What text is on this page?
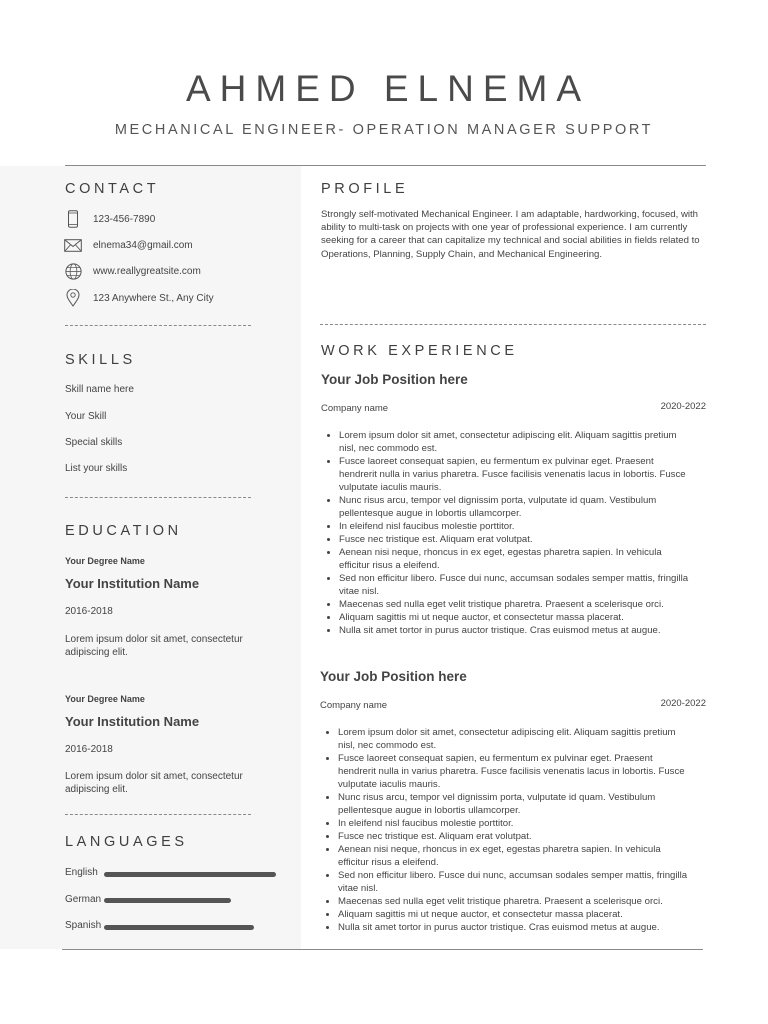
AHMED ELNEMA
MECHANICAL ENGINEER- OPERATION MANAGER SUPPORT
CONTACT
123-456-7890
elnema34@gmail.com
www.reallygreatsite.com
123 Anywhere St., Any City
SKILLS
Skill name here
Your Skill
Special skills
List your skills
EDUCATION
Your Degree Name
Your Institution Name
2016-2018
Lorem ipsum dolor sit amet, consectetur adipiscing elit.
Your Degree Name
Your Institution Name
2016-2018
Lorem ipsum dolor sit amet, consectetur adipiscing elit.
LANGUAGES
English
German
Spanish
PROFILE
Strongly self-motivated Mechanical Engineer. I am adaptable, hardworking, focused, with ability to multi-task on projects with one year of professional experience. I am currently seeking for a career that can capitalize my technical and social abilities in fields related to Operations, Planning, Supply Chain, and Mechanical Engineering.
WORK EXPERIENCE
Your Job Position here
Company name	2020-2022
• Lorem ipsum dolor sit amet, consectetur adipiscing elit. Aliquam sagittis pretium nisl, nec commodo est.
• Fusce laoreet consequat sapien, eu fermentum ex pulvinar eget. Praesent hendrerit nulla in varius pharetra. Fusce facilisis venenatis lacus in lobortis. Fusce vulputate iaculis mauris.
• Nunc risus arcu, tempor vel dignissim porta, vulputate id quam. Vestibulum pellentesque augue in lobortis ullamcorper.
• In eleifend nisl faucibus molestie porttitor.
• Fusce nec tristique est. Aliquam erat volutpat.
• Aenean nisi neque, rhoncus in ex eget, egestas pharetra sapien. In vehicula efficitur risus a eleifend.
• Sed non efficitur libero. Fusce dui nunc, accumsan sodales semper mattis, fringilla vitae nisl.
• Maecenas sed nulla eget velit tristique pharetra. Praesent a scelerisque orci.
• Aliquam sagittis mi ut neque auctor, et consectetur massa placerat.
• Nulla sit amet tortor in purus auctor tristique. Cras euismod metus at augue.
Your Job Position here
Company name	2020-2022
• Lorem ipsum dolor sit amet, consectetur adipiscing elit. Aliquam sagittis pretium nisl, nec commodo est.
• Fusce laoreet consequat sapien, eu fermentum ex pulvinar eget. Praesent hendrerit nulla in varius pharetra. Fusce facilisis venenatis lacus in lobortis. Fusce vulputate iaculis mauris.
• Nunc risus arcu, tempor vel dignissim porta, vulputate id quam. Vestibulum pellentesque augue in lobortis ullamcorper.
• In eleifend nisl faucibus molestie porttitor.
• Fusce nec tristique est. Aliquam erat volutpat.
• Aenean nisi neque, rhoncus in ex eget, egestas pharetra sapien. In vehicula efficitur risus a eleifend.
• Sed non efficitur libero. Fusce dui nunc, accumsan sodales semper mattis, fringilla vitae nisl.
• Maecenas sed nulla eget velit tristique pharetra. Praesent a scelerisque orci.
• Aliquam sagittis mi ut neque auctor, et consectetur massa placerat.
• Nulla sit amet tortor in purus auctor tristique. Cras euismod metus at augue.
